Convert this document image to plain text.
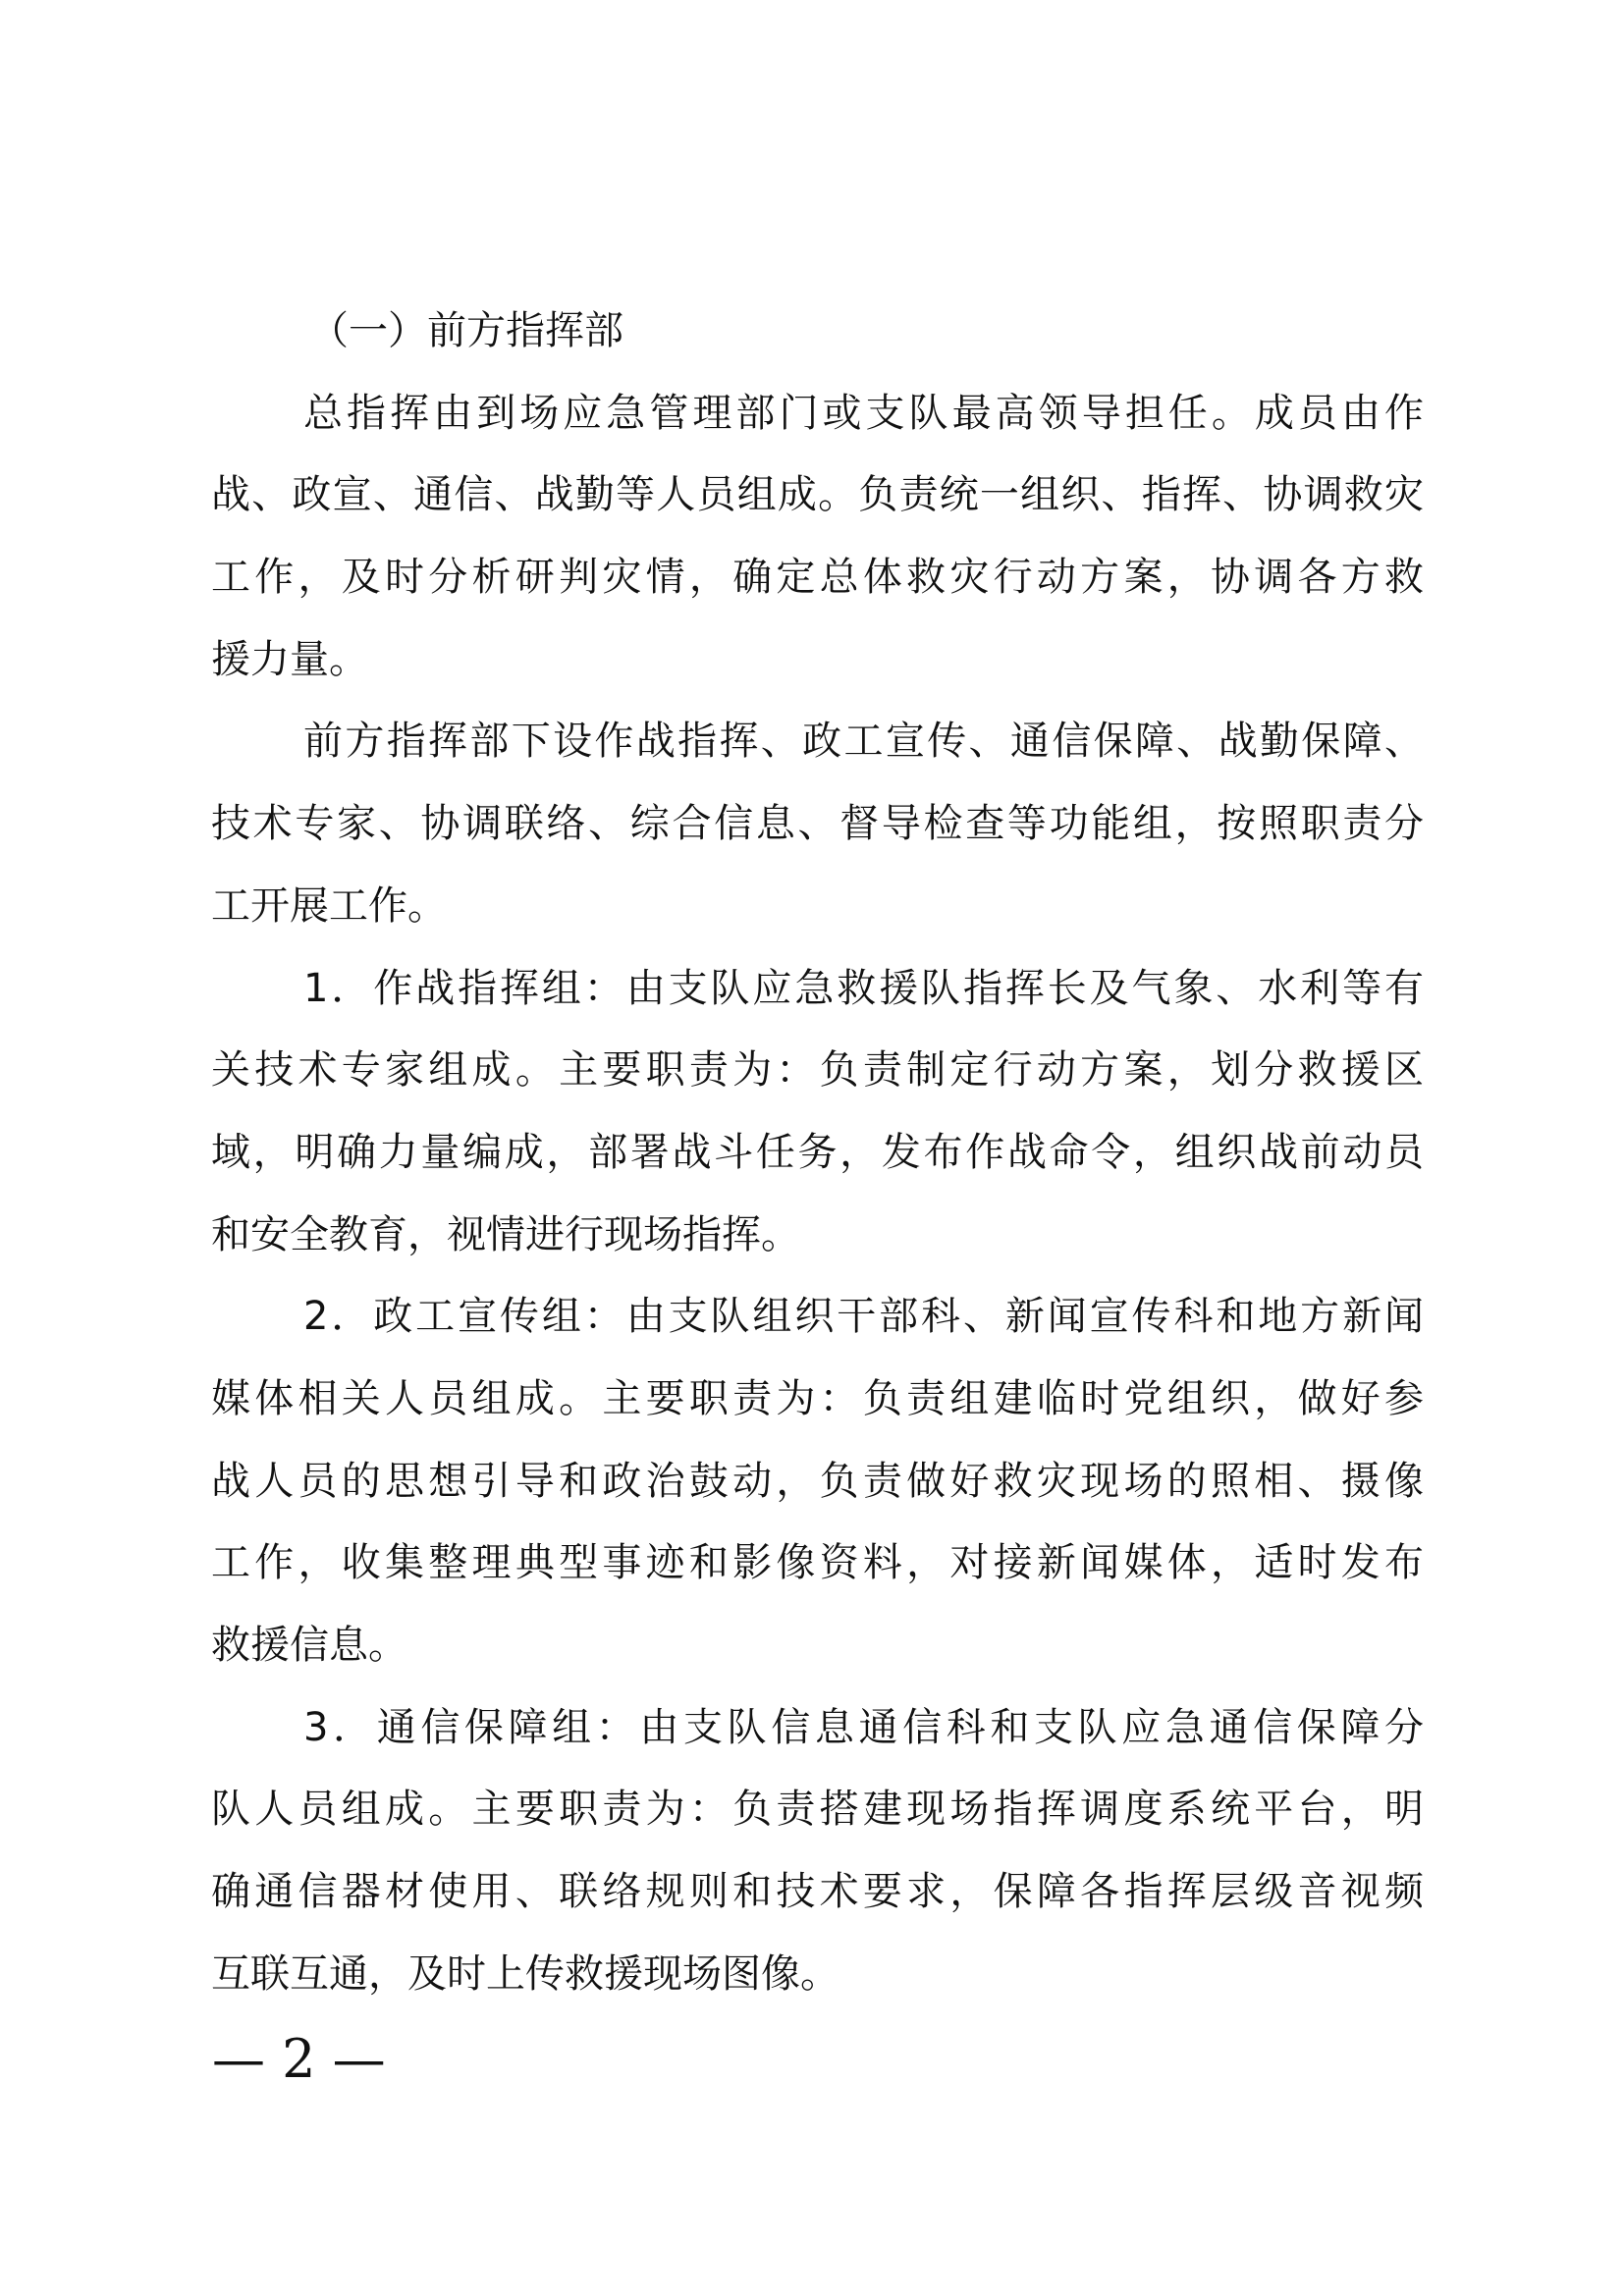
（一）前方指挥部
总指挥由到场应急管理部门或支队最高领导担任。成员由作
战、政宣、通信、战勤等人员组成。负责统一组织、指挥、协调救灾
工作，及时分析研判灾情，确定总体救灾行动方案，协调各方救
援力量。
前方指挥部下设作战指挥、政工宣传、通信保障、战勤保障、
技术专家、协调联络、综合信息、督导检查等功能组，按照职责分
工开展工作。
1．作战指挥组：由支队应急救援队指挥长及气象、水利等有
关技术专家组成。主要职责为：负责制定行动方案，划分救援区
域，明确力量编成，部署战斗任务，发布作战命令，组织战前动员
和安全教育，视情进行现场指挥。
2．政工宣传组：由支队组织干部科、新闻宣传科和地方新闻
媒体相关人员组成。主要职责为：负责组建临时党组织，做好参
战人员的思想引导和政治鼓动，负责做好救灾现场的照相、摄像
工作，收集整理典型事迹和影像资料，对接新闻媒体，适时发布
救援信息。
3．通信保障组：由支队信息通信科和支队应急通信保障分
队人员组成。主要职责为：负责搭建现场指挥调度系统平台，明
确通信器材使用、联络规则和技术要求，保障各指挥层级音视频
互联互通，及时上传救援现场图像。
— 2 —
